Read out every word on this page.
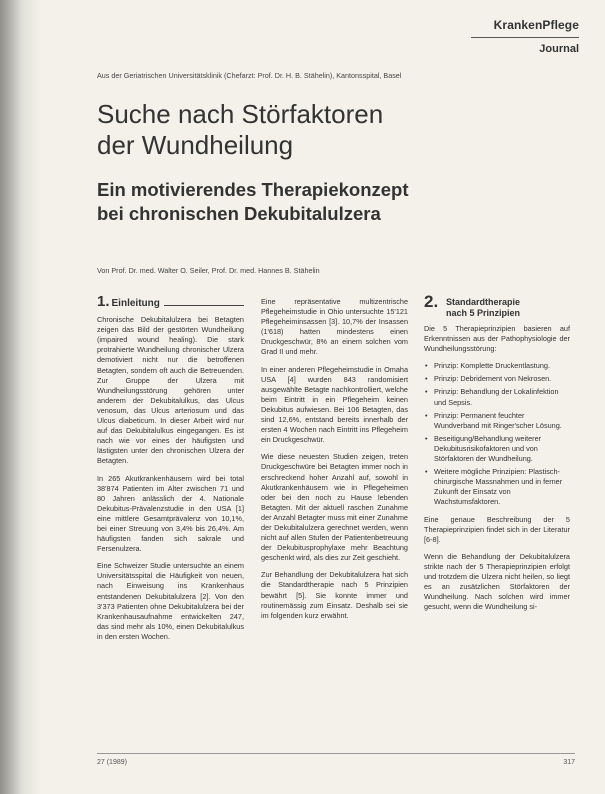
KrankenPflege
Journal
Aus der Geriatrischen Universitätsklinik (Chefarzt: Prof. Dr. H. B. Stähelin), Kantonsspital, Basel
Suche nach Störfaktoren
der Wundheilung
Ein motivierendes Therapiekonzept
bei chronischen Dekubitalulzera
Von Prof. Dr. med. Walter O. Seiler, Prof. Dr. med. Hannes B. Stähelin
1. Einleitung

Chronische Dekubitalulzera bei Betagten zeigen das Bild der gestörten Wundheilung (impaired wound healing). Die stark protrahierte Wundheilung chronischer Ulzera demotiviert nicht nur die betroffenen Betagten, sondern oft auch die Betreuenden. Zur Gruppe der Ulzera mit Wundheilungsstörung gehören unter anderem der Dekubitalulkus, das Ulcus venosum, das Ulcus arteriosum und das Ulcus diabeticum. In dieser Arbeit wird nur auf das Dekubitalulkus eingegangen. Es ist nach wie vor eines der häufigsten und lästigsten unter den chronischen Ulzera der Betagten.

In 265 Akutkrankenhäusern wird bei total 38'874 Patienten im Alter zwischen 71 und 80 Jahren anlässlich der 4. Nationale Dekubitus-Prävalenzstudie in den USA [1] eine mittlere Gesamtprävalenz von 10,1%, bei einer Streuung von 3,4% bis 26,4%. Am häufigsten fanden sich sakrale und Fersenulzera.

Eine Schweizer Studie untersuchte an einem Universitätsspital die Häufigkeit von neuen, nach Einweisung ins Krankenhaus entstandenen Dekubitalulzera [2]. Von den 3'373 Patienten ohne Dekubitalulzera bei der Krankenhausaufnahme entwickelten 247, das sind mehr als 10%, einen Dekubitalulkus in den ersten Wochen.

Eine repräsentative multizentrische Pflegeheimstudie in Ohio untersuchte 15'121 Pflegeheiminsassen [3]. 10,7% der Insassen (1'618) hatten mindestens einen Druckgeschwür, 8% an einem solchen vom Grad II und mehr.

In einer anderen Pflegeheimstudie in Omaha USA [4] wurden 843 randomisiert ausgewählte Betagte nachkontrolliert, welche beim Eintritt in ein Pflegeheim keinen Dekubitus aufwiesen. Bei 106 Betagten, das sind 12,6%, entstand bereits innerhalb der ersten 4 Wochen nach Eintritt ins Pflegeheim ein Druckgeschwür.

Wie diese neuesten Studien zeigen, treten Druckgeschwüre bei Betagten immer noch in erschreckend hoher Anzahl auf, sowohl in Akutkrankenhäusern wie in Pflegeheimen oder bei den noch zu Hause lebenden Betagten. Mit der aktuell raschen Zunahme der Anzahl Betagter muss mit einer Zunahme der Dekubitalulzera gerechnet werden, wenn nicht auf allen Stufen der Patientenbetreuung der Dekubitusprophylaxe mehr Beachtung geschenkt wird, als dies zur Zeit geschieht.

Zur Behandlung der Dekubitalulzera hat sich die Standardtherapie nach 5 Prinzipien bewährt [5]. Sie konnte immer und routinemässig zum Einsatz. Deshalb sei sie im folgenden kurz erwähnt.

2. Standardtherapie
nach 5 Prinzipien

Die 5 Therapieprinzipien basieren auf Erkenntnissen aus der Pathophysiologie der Wundheilungsstörung:

• Prinzip: Komplette Druckentlastung.
• Prinzip: Debridement von Nekrosen.
• Prinzip: Behandlung der Lokalinfektion und Sepsis.
• Prinzip: Permanent feuchter Wundverband mit Ringer'scher Lösung.
• Beseitigung/Behandlung weiterer Dekubitusrisikofaktoren und von Störfaktoren der Wundheilung.
• Weitere mögliche Prinzipien: Plastisch-chirurgische Massnahmen und in ferner Zukunft der Einsatz von Wachstumsfaktoren.

Eine genaue Beschreibung der 5 Therapieprinzipien findet sich in der Literatur [6-8].

Wenn die Behandlung der Dekubitalulzera strikte nach der 5 Therapieprinzipien erfolgt und trotzdem die Ulzera nicht heilen, so liegt es an zusätzlichen Störfaktoren der Wundheilung. Nach solchen wird immer gesucht, wenn die Wundheilung si-

27 (1989)	317
